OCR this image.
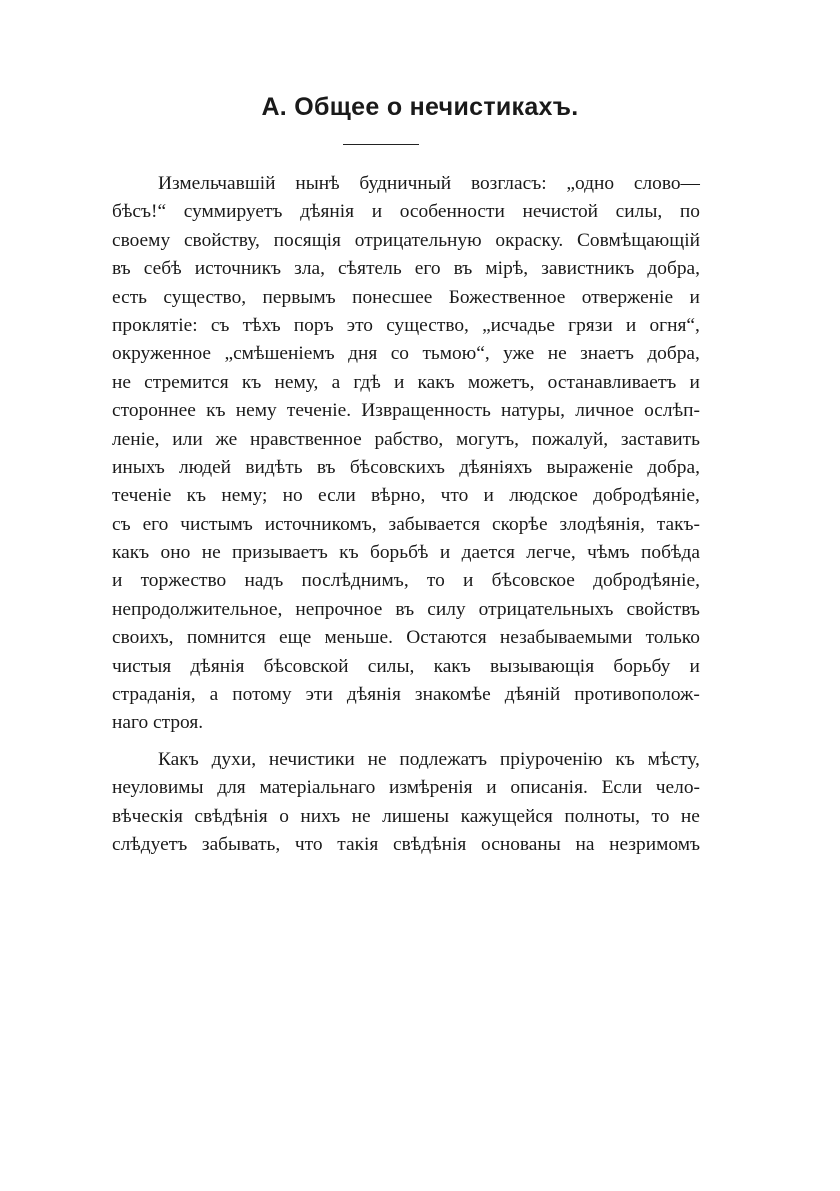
А. Общее о нечистикахъ.
Измельчавшій нынѣ будничный возгласъ: „одно слово—
бѣсъ!“ суммируетъ дѣянія и особенности нечистой силы, по
своему свойству, посящія отрицательную окраску. Совмѣщающій
въ себѣ источникъ зла, сѣятель его въ мірѣ, завистникъ добра,
есть существо, первымъ понесшее Божественное отверженіе и
проклятіе: съ тѣхъ поръ это существо, „исчадье грязи и огня“,
окруженное „смѣшеніемъ дня со тьмою“, уже не знаетъ добра,
не стремится къ нему, а гдѣ и какъ можетъ, останавливаетъ и
стороннее къ нему теченіе. Извращенность натуры, личное ослѣп-
леніе, или же нравственное рабство, могутъ, пожалуй, заставить
иныхъ людей видѣть въ бѣсовскихъ дѣяніяхъ выраженіе добра,
теченіе къ нему; но если вѣрно, что и людское добродѣяніе,
съ его чистымъ источникомъ, забывается скорѣе злодѣянія, такъ-
какъ оно не призываетъ къ борьбѣ и дается легче, чѣмъ побѣда
и торжество надъ послѣднимъ, то и бѣсовское добродѣяніе,
непродолжительное, непрочное въ силу отрицательныхъ свойствъ
своихъ, помнится еще меньше. Остаются незабываемыми только
чистыя дѣянія бѣсовской силы, какъ вызывающія борьбу и
страданія, а потому эти дѣянія знакомѣе дѣяній противополож-
наго строя.
Какъ духи, нечистики не подлежатъ пріуроченію къ мѣсту,
неуловимы для матеріальнаго измѣренія и описанія. Если чело-
вѣческія свѣдѣнія о нихъ не лишены кажущейся полноты, то не
слѣдуетъ забывать, что такія свѣдѣнія основаны на незримомъ
